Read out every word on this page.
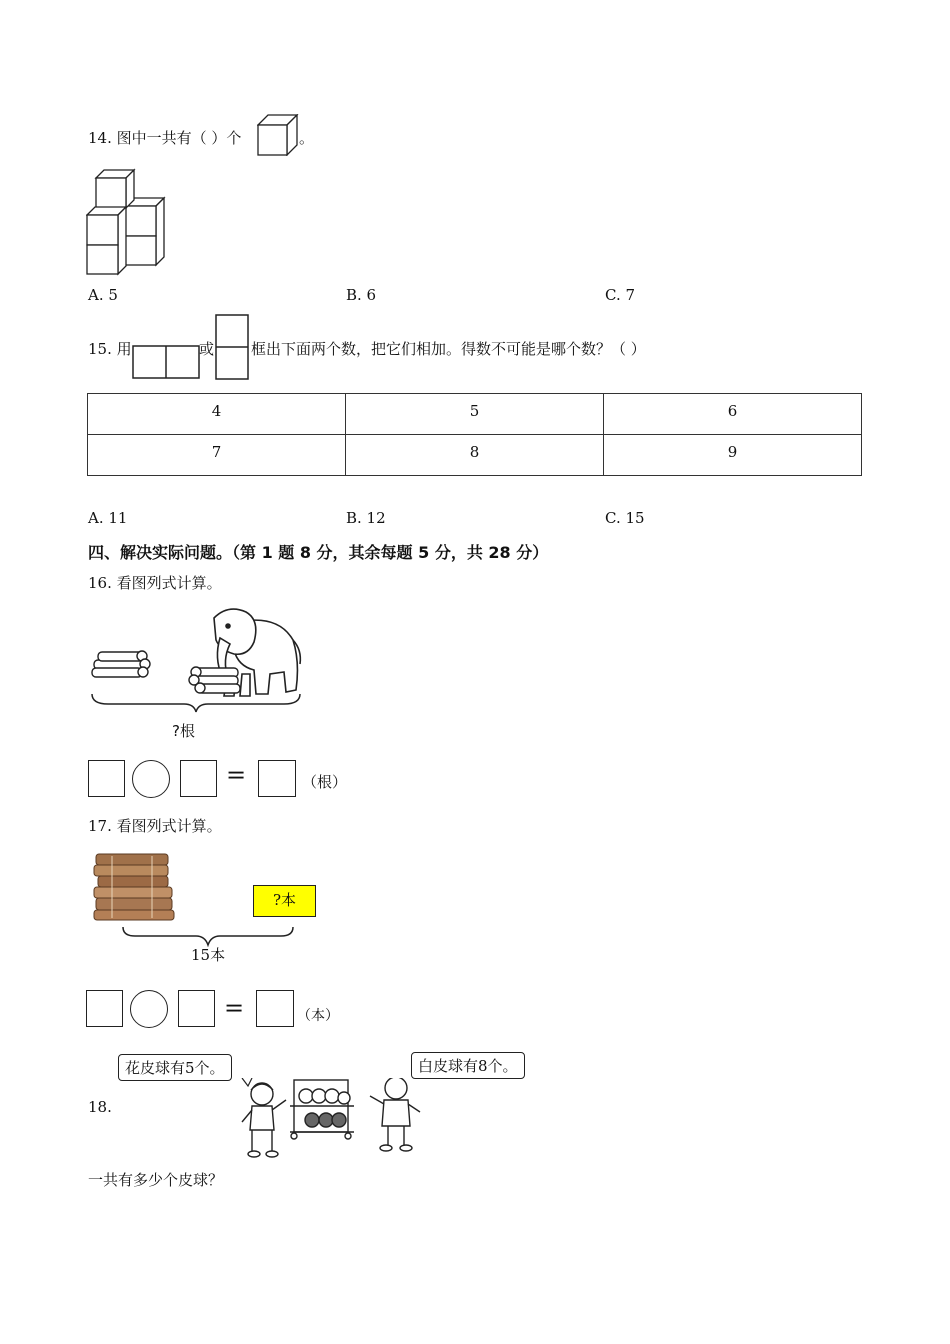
14. 图中一共有（ ）个	。
A. 5	B. 6	C. 7
15. 用	或 框出下面两个数，把它们相加。得数不可能是哪个数？（ ）
4	5	6
7	8	9
A. 11	B. 12	C. 15
四、解决实际问题。（第 1 题 8 分，其余每题 5 分，共 28 分）
16. 看图列式计算。
?根
=	（根）
17. 看图列式计算。
?本
15本
=	（本）
18.
花皮球有5个。	白皮球有8个。
一共有多少个皮球？
